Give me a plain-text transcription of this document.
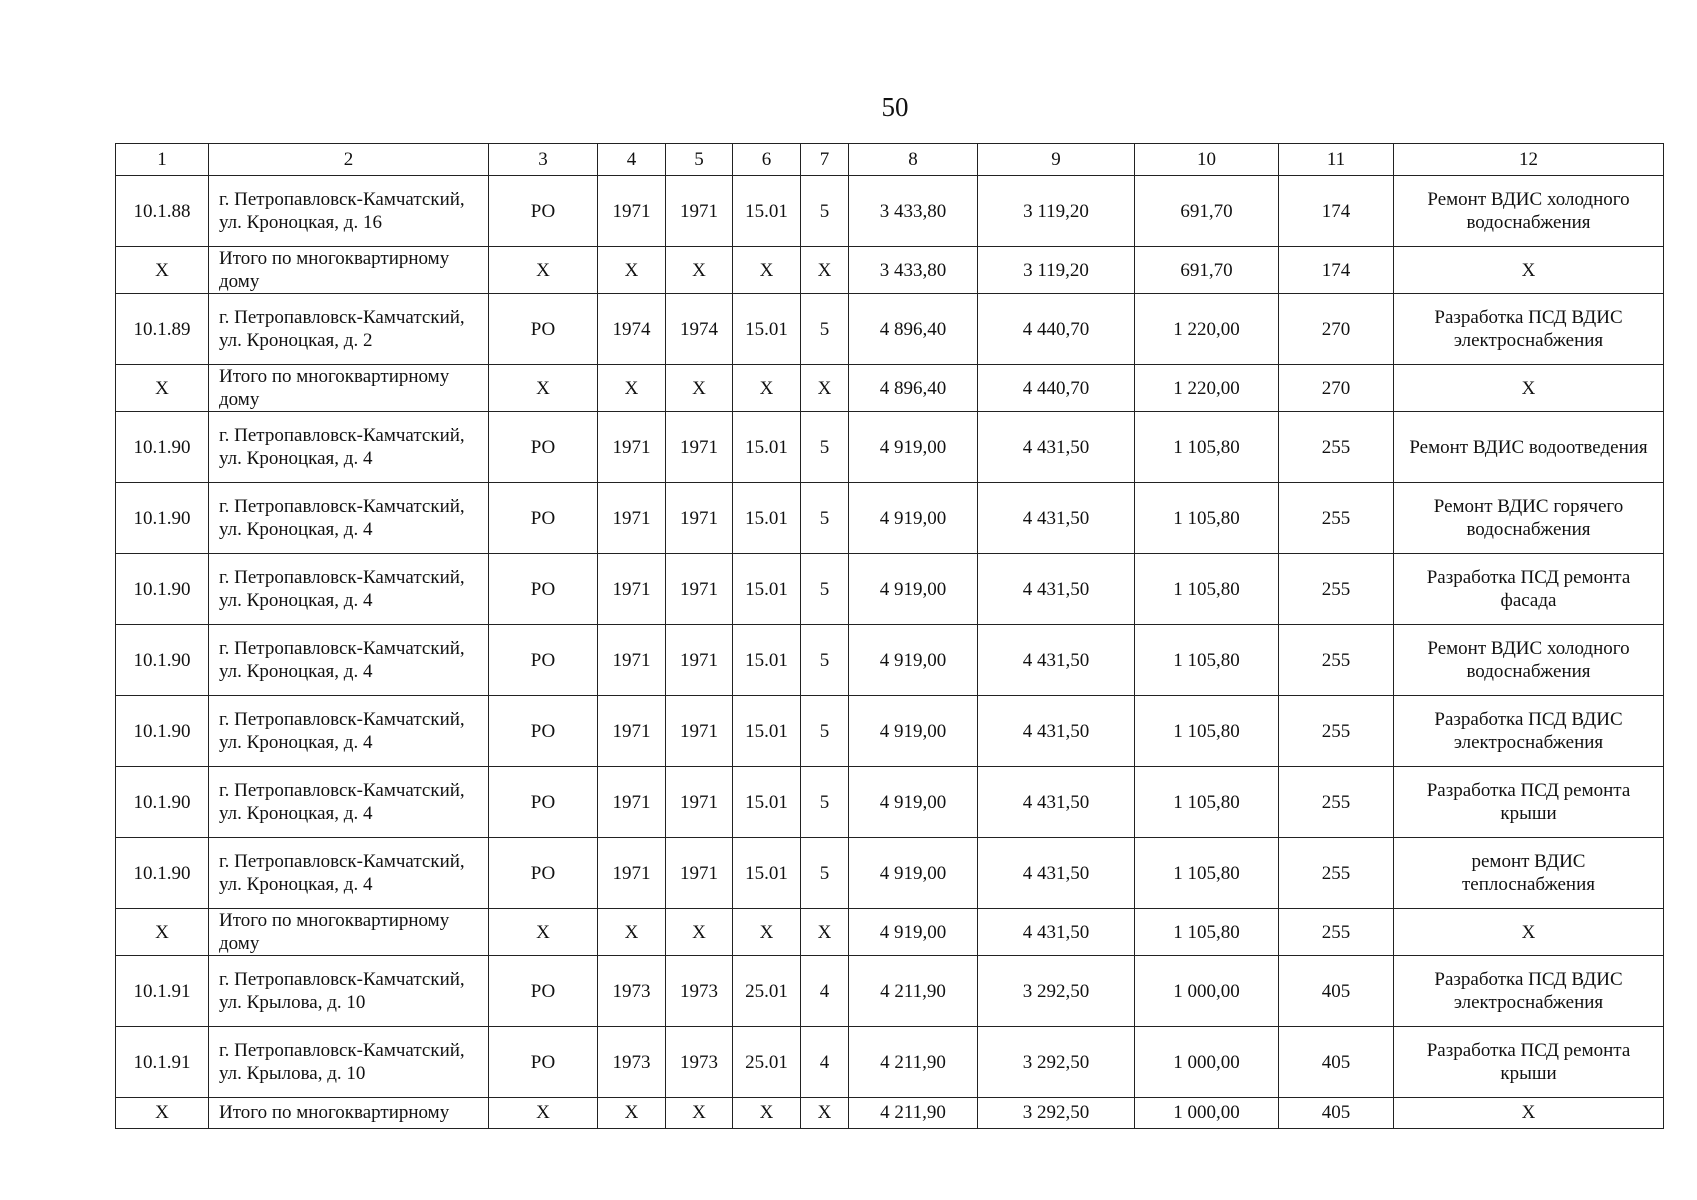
50
1	2	3	4	5	6	7	8	9	10	11	12
10.1.88	г. Петропавловск-Камчатский, ул. Кроноцкая, д. 16	РО	1971	1971	15.01	5	3 433,80	3 119,20	691,70	174	Ремонт ВДИС холодного водоснабжения
Х	Итого по многоквартирному дому	Х	Х	Х	Х	Х	3 433,80	3 119,20	691,70	174	Х
10.1.89	г. Петропавловск-Камчатский, ул. Кроноцкая, д. 2	РО	1974	1974	15.01	5	4 896,40	4 440,70	1 220,00	270	Разработка ПСД ВДИС электроснабжения
Х	Итого по многоквартирному дому	Х	Х	Х	Х	Х	4 896,40	4 440,70	1 220,00	270	Х
10.1.90	г. Петропавловск-Камчатский, ул. Кроноцкая, д. 4	РО	1971	1971	15.01	5	4 919,00	4 431,50	1 105,80	255	Ремонт ВДИС водоотведения
10.1.90	г. Петропавловск-Камчатский, ул. Кроноцкая, д. 4	РО	1971	1971	15.01	5	4 919,00	4 431,50	1 105,80	255	Ремонт ВДИС горячего водоснабжения
10.1.90	г. Петропавловск-Камчатский, ул. Кроноцкая, д. 4	РО	1971	1971	15.01	5	4 919,00	4 431,50	1 105,80	255	Разработка ПСД ремонта фасада
10.1.90	г. Петропавловск-Камчатский, ул. Кроноцкая, д. 4	РО	1971	1971	15.01	5	4 919,00	4 431,50	1 105,80	255	Ремонт ВДИС холодного водоснабжения
10.1.90	г. Петропавловск-Камчатский, ул. Кроноцкая, д. 4	РО	1971	1971	15.01	5	4 919,00	4 431,50	1 105,80	255	Разработка ПСД ВДИС электроснабжения
10.1.90	г. Петропавловск-Камчатский, ул. Кроноцкая, д. 4	РО	1971	1971	15.01	5	4 919,00	4 431,50	1 105,80	255	Разработка ПСД ремонта крыши
10.1.90	г. Петропавловск-Камчатский, ул. Кроноцкая, д. 4	РО	1971	1971	15.01	5	4 919,00	4 431,50	1 105,80	255	ремонт ВДИС теплоснабжения
Х	Итого по многоквартирному дому	Х	Х	Х	Х	Х	4 919,00	4 431,50	1 105,80	255	Х
10.1.91	г. Петропавловск-Камчатский, ул. Крылова, д. 10	РО	1973	1973	25.01	4	4 211,90	3 292,50	1 000,00	405	Разработка ПСД ВДИС электроснабжения
10.1.91	г. Петропавловск-Камчатский, ул. Крылова, д. 10	РО	1973	1973	25.01	4	4 211,90	3 292,50	1 000,00	405	Разработка ПСД ремонта крыши
Х	Итого по многоквартирному	Х	Х	Х	Х	Х	4 211,90	3 292,50	1 000,00	405	Х
